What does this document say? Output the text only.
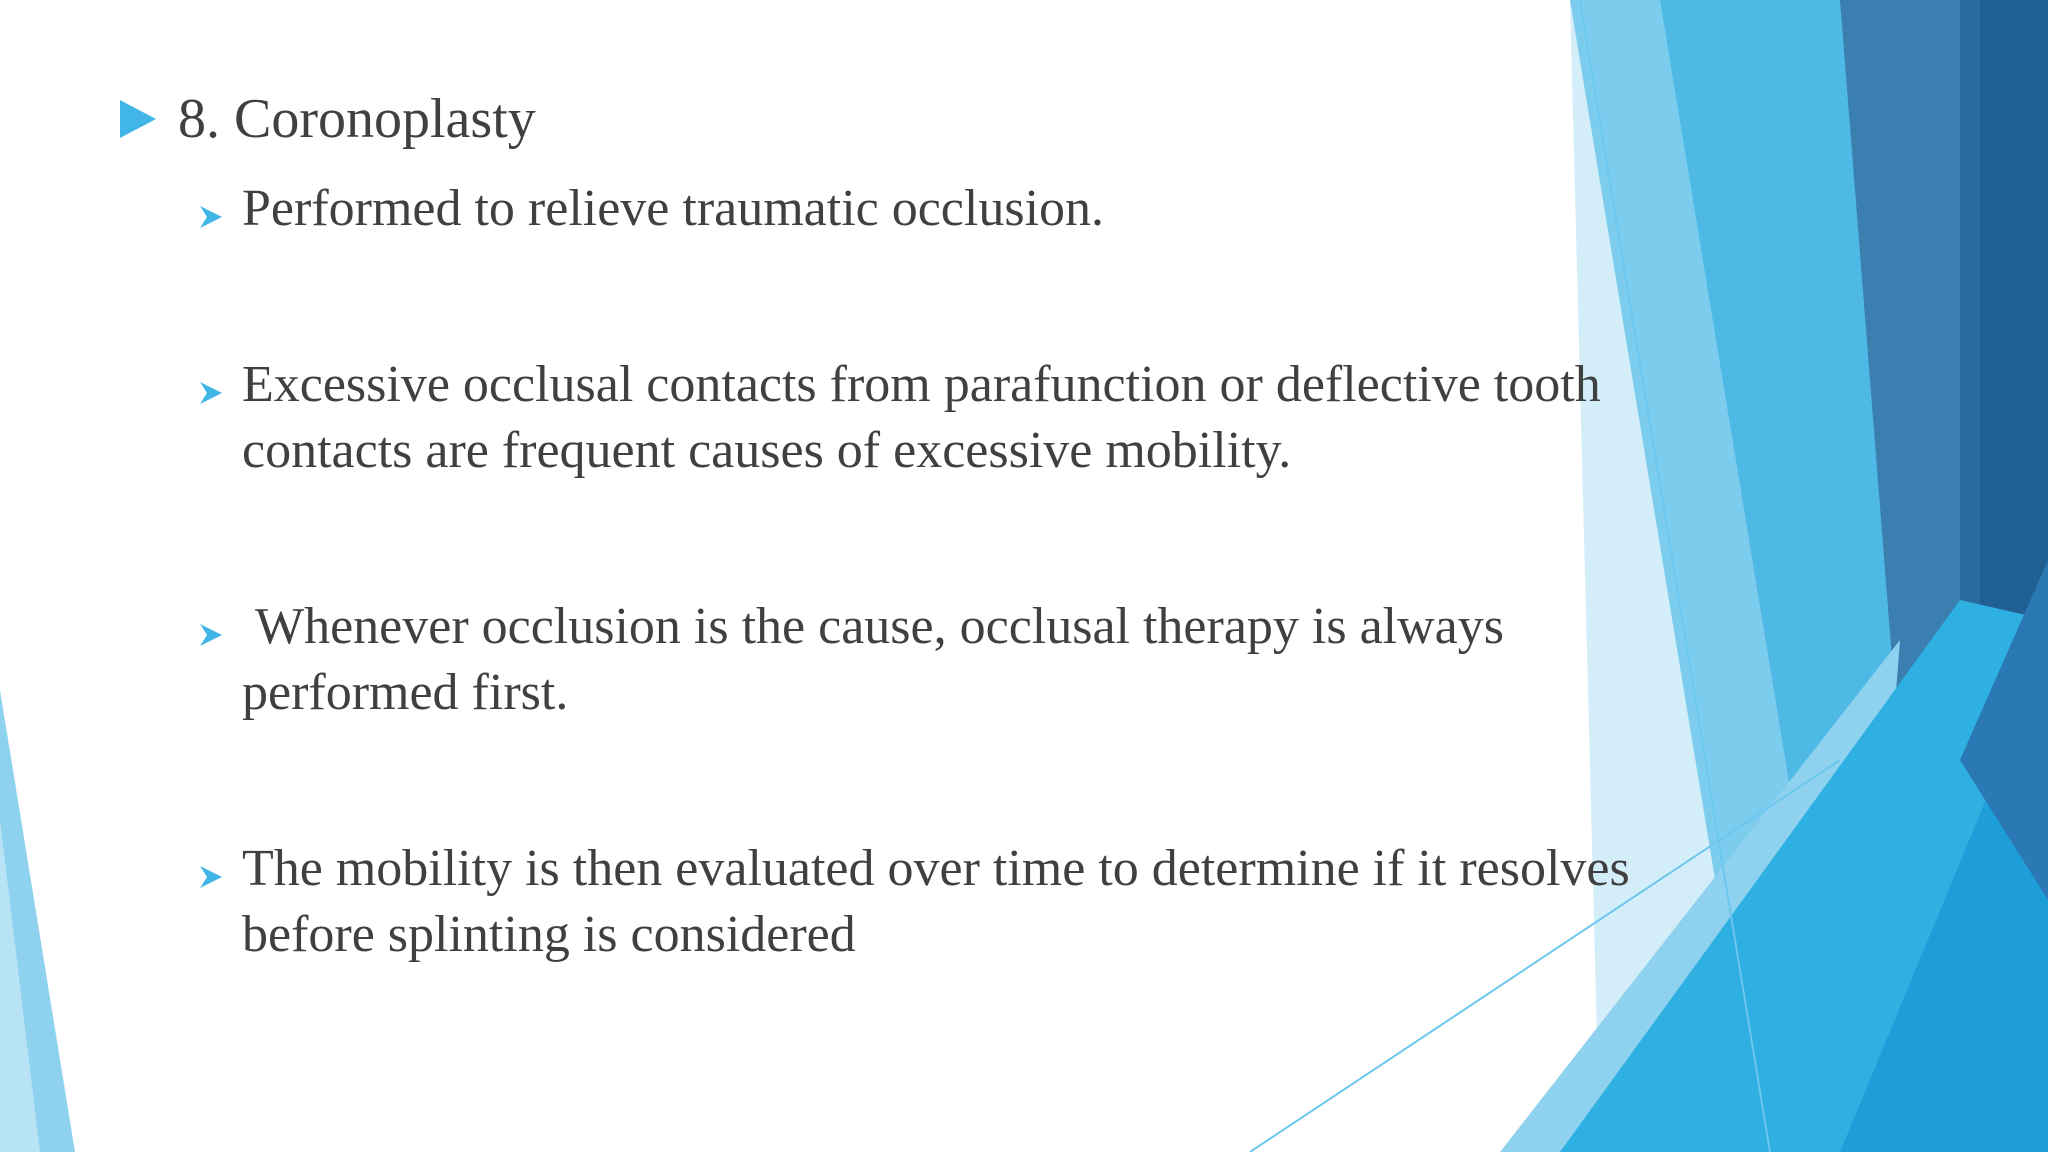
8. Coronoplasty
Performed to relieve traumatic occlusion.
Excessive occlusal contacts from parafunction or deflective tooth
contacts are frequent causes of excessive mobility.
Whenever occlusion is the cause, occlusal therapy is always
performed first.
The mobility is then evaluated over time to determine if it resolves
before splinting is considered
